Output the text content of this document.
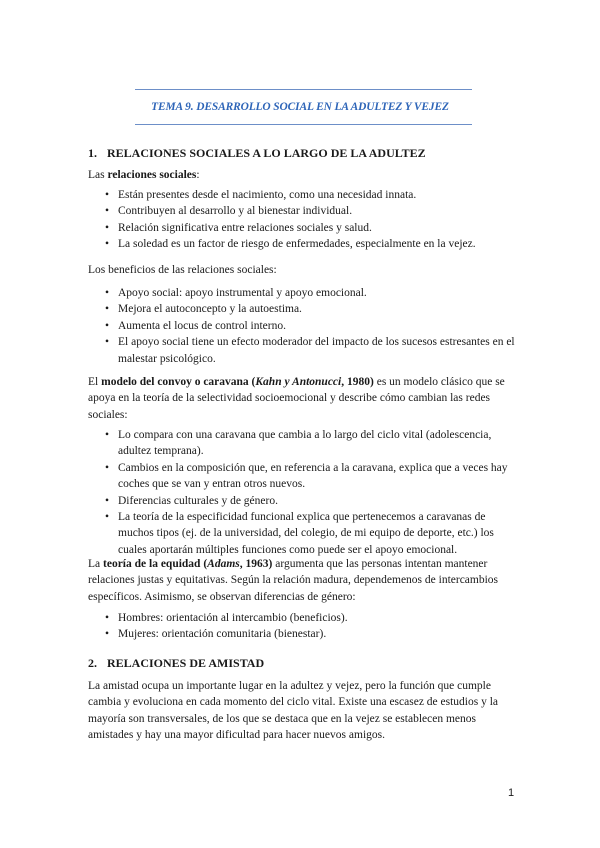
TEMA 9. DESARROLLO SOCIAL EN LA ADULTEZ Y VEJEZ
1. RELACIONES SOCIALES A LO LARGO DE LA ADULTEZ
Las relaciones sociales:
• Están presentes desde el nacimiento, como una necesidad innata.
• Contribuyen al desarrollo y al bienestar individual.
• Relación significativa entre relaciones sociales y salud.
• La soledad es un factor de riesgo de enfermedades, especialmente en la vejez.
Los beneficios de las relaciones sociales:
• Apoyo social: apoyo instrumental y apoyo emocional.
• Mejora el autoconcepto y la autoestima.
• Aumenta el locus de control interno.
• El apoyo social tiene un efecto moderador del impacto de los sucesos estresantes en el malestar psicológico.
El modelo del convoy o caravana (Kahn y Antonucci, 1980) es un modelo clásico que se apoya en la teoría de la selectividad socioemocional y describe cómo cambian las redes sociales:
• Lo compara con una caravana que cambia a lo largo del ciclo vital (adolescencia, adultez temprana).
• Cambios en la composición que, en referencia a la caravana, explica que a veces hay coches que se van y entran otros nuevos.
• Diferencias culturales y de género.
• La teoría de la especificidad funcional explica que pertenecemos a caravanas de muchos tipos (ej. de la universidad, del colegio, de mi equipo de deporte, etc.) los cuales aportarán múltiples funciones como puede ser el apoyo emocional.
La teoría de la equidad (Adams, 1963) argumenta que las personas intentan mantener relaciones justas y equitativas. Según la relación madura, dependemenos de intercambios específicos. Asimismo, se observan diferencias de género:
• Hombres: orientación al intercambio (beneficios).
• Mujeres: orientación comunitaria (bienestar).
2. RELACIONES DE AMISTAD
La amistad ocupa un importante lugar en la adultez y vejez, pero la función que cumple cambia y evoluciona en cada momento del ciclo vital. Existe una escasez de estudios y la mayoría son transversales, de los que se destaca que en la vejez se establecen menos amistades y hay una mayor dificultad para hacer nuevos amigos.
1
